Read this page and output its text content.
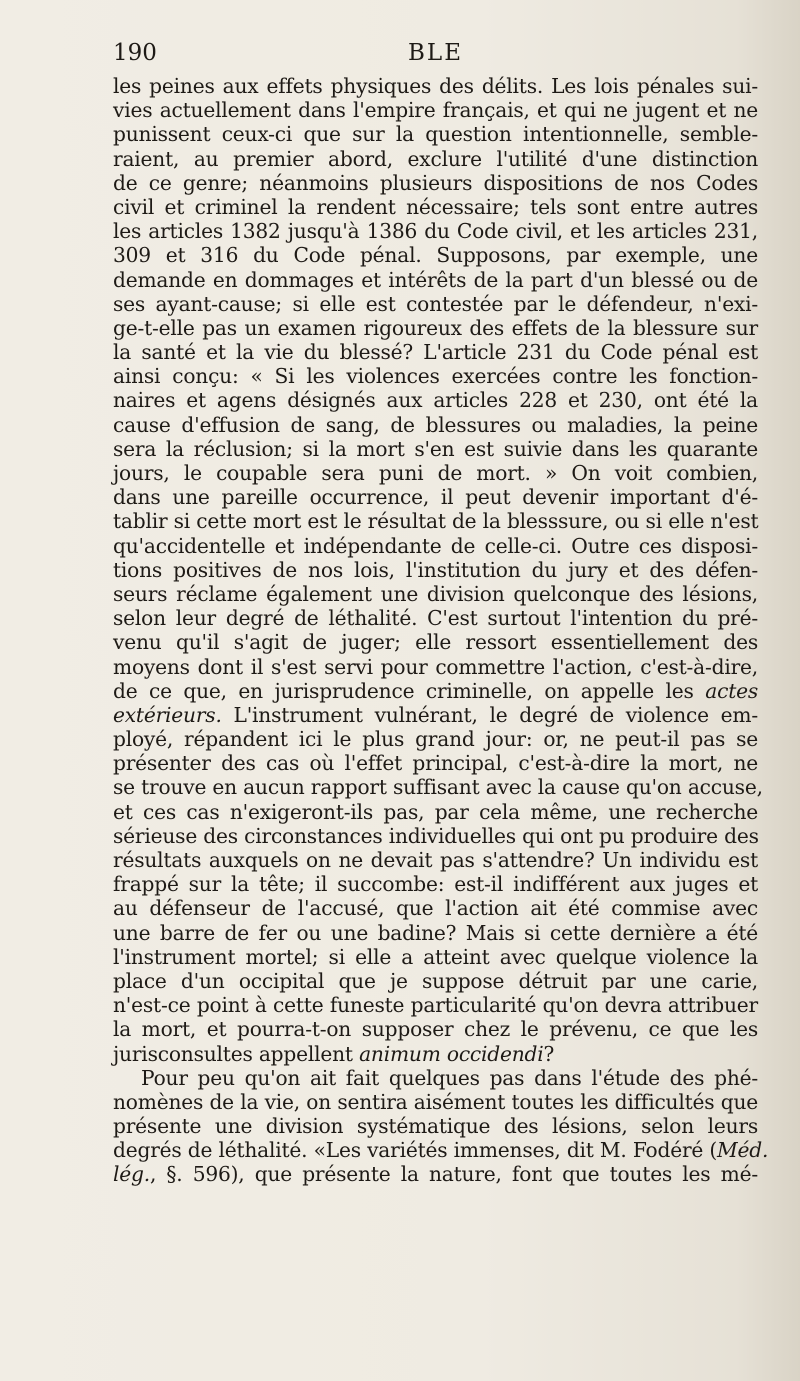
190	BLE
les peines aux effets physiques des délits. Les lois pénales sui-
vies actuellement dans l'empire français, et qui ne jugent et ne
punissent ceux-ci que sur la question intentionnelle, semble-
raient, au premier abord, exclure l'utilité d'une distinction
de ce genre; néanmoins plusieurs dispositions de nos Codes
civil et criminel la rendent nécessaire; tels sont entre autres
les articles 1382 jusqu'à 1386 du Code civil, et les articles 231,
309 et 316 du Code pénal. Supposons, par exemple, une
demande en dommages et intérêts de la part d'un blessé ou de
ses ayant-cause; si elle est contestée par le défendeur, n'exi-
ge-t-elle pas un examen rigoureux des effets de la blessure sur
la santé et la vie du blessé? L'article 231 du Code pénal est
ainsi conçu: « Si les violences exercées contre les fonction-
naires et agens désignés aux articles 228 et 230, ont été la
cause d'effusion de sang, de blessures ou maladies, la peine
sera la réclusion; si la mort s'en est suivie dans les quarante
jours, le coupable sera puni de mort. » On voit combien,
dans une pareille occurrence, il peut devenir important d'é-
tablir si cette mort est le résultat de la blesssure, ou si elle n'est
qu'accidentelle et indépendante de celle-ci. Outre ces disposi-
tions positives de nos lois, l'institution du jury et des défen-
seurs réclame également une division quelconque des lésions,
selon leur degré de léthalité. C'est surtout l'intention du pré-
venu qu'il s'agit de juger; elle ressort essentiellement des
moyens dont il s'est servi pour commettre l'action, c'est-à-dire,
de ce que, en jurisprudence criminelle, on appelle les actes
extérieurs. L'instrument vulnérant, le degré de violence em-
ployé, répandent ici le plus grand jour: or, ne peut-il pas se
présenter des cas où l'effet principal, c'est-à-dire la mort, ne
se trouve en aucun rapport suffisant avec la cause qu'on accuse,
et ces cas n'exigeront-ils pas, par cela même, une recherche
sérieuse des circonstances individuelles qui ont pu produire des
résultats auxquels on ne devait pas s'attendre? Un individu est
frappé sur la tête; il succombe: est-il indifférent aux juges et
au défenseur de l'accusé, que l'action ait été commise avec
une barre de fer ou une badine? Mais si cette dernière a été
l'instrument mortel; si elle a atteint avec quelque violence la
place d'un occipital que je suppose détruit par une carie,
n'est-ce point à cette funeste particularité qu'on devra attribuer
la mort, et pourra-t-on supposer chez le prévenu, ce que les
jurisconsultes appellent animum occidendi?
Pour peu qu'on ait fait quelques pas dans l'étude des phé-
nomènes de la vie, on sentira aisément toutes les difficultés que
présente une division systématique des lésions, selon leurs
degrés de léthalité. «Les variétés immenses, dit M. Fodéré (Méd.
lég., §. 596), que présente la nature, font que toutes les mé-
